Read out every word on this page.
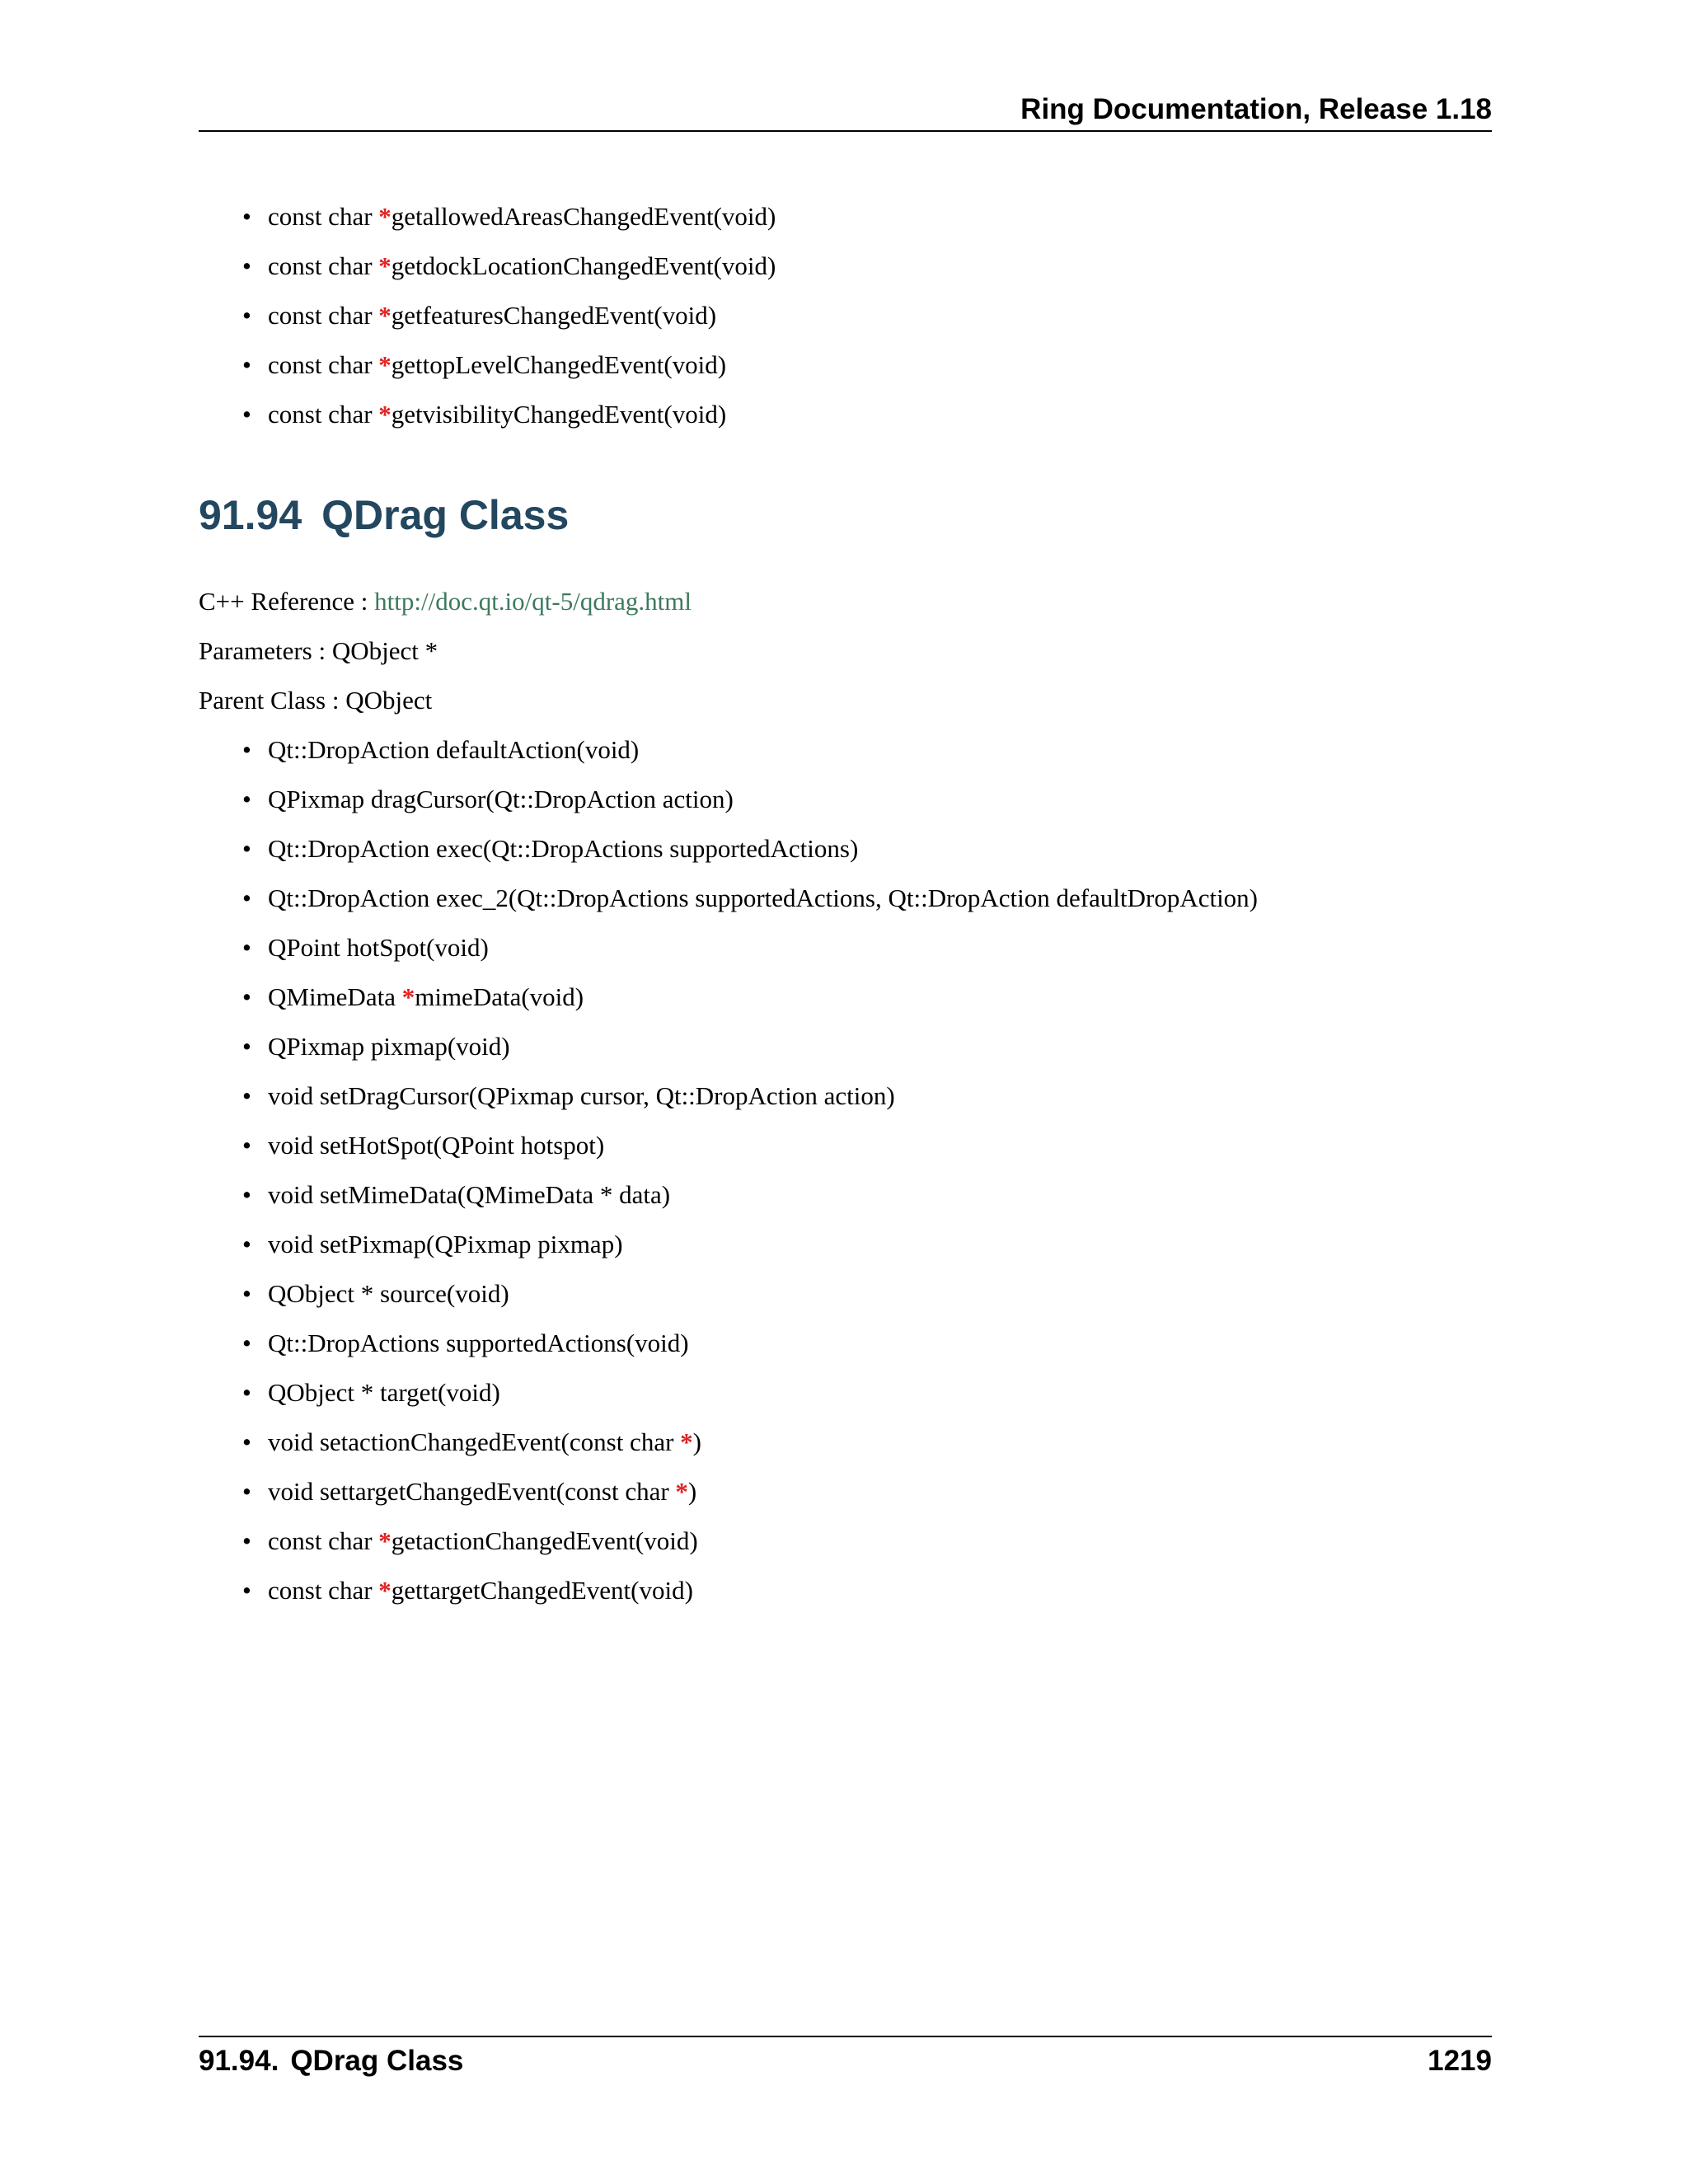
Ring Documentation, Release 1.18
• const char *getallowedAreasChangedEvent(void)
• const char *getdockLocationChangedEvent(void)
• const char *getfeaturesChangedEvent(void)
• const char *gettopLevelChangedEvent(void)
• const char *getvisibilityChangedEvent(void)
91.94 QDrag Class
C++ Reference : http://doc.qt.io/qt-5/qdrag.html
Parameters : QObject *
Parent Class : QObject
• Qt::DropAction defaultAction(void)
• QPixmap dragCursor(Qt::DropAction action)
• Qt::DropAction exec(Qt::DropActions supportedActions)
• Qt::DropAction exec_2(Qt::DropActions supportedActions, Qt::DropAction defaultDropAction)
• QPoint hotSpot(void)
• QMimeData *mimeData(void)
• QPixmap pixmap(void)
• void setDragCursor(QPixmap cursor, Qt::DropAction action)
• void setHotSpot(QPoint hotspot)
• void setMimeData(QMimeData * data)
• void setPixmap(QPixmap pixmap)
• QObject * source(void)
• Qt::DropActions supportedActions(void)
• QObject * target(void)
• void setactionChangedEvent(const char *)
• void settargetChangedEvent(const char *)
• const char *getactionChangedEvent(void)
• const char *gettargetChangedEvent(void)
91.94. QDrag Class	1219
